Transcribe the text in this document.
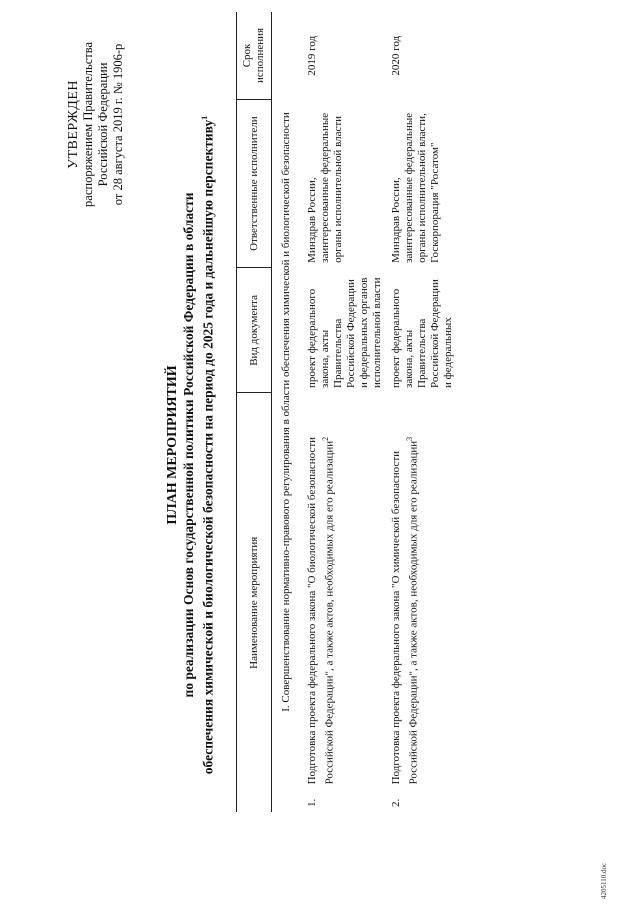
УТВЕРЖДЕН распоряжением Правительства Российской Федерации от 28 августа 2019 г. № 1906-р
ПЛАН МЕРОПРИЯТИЙ по реализации Основ государственной политики Российской Федерации в области обеспечения химической и биологической безопасности на период до 2025 года и дальнейшую перспективу$^1$
Наименование мероприятия		Вид документа	Ответственные исполнители	Срок исполнения
I. Совершенствование нормативно-правового регулирования в области обеспечения химической и биологической безопасности				
1.	Подготовка проекта федерального закона "О биологической безопасности Российской Федерации", а также актов, необходимых для его реализации$^2$	проект федерального закона, акты Правительства Российской Федерации и федеральных органов исполнительной власти	Минздрав России, заинтересованные федеральные органы исполнительной власти	2019 год
2.	Подготовка проекта федерального закона "О химической безопасности Российской Федерации", а также актов, необходимых для его реализации$^3$	проект федерального закона, акты Правительства Российской Федерации и федеральных	Минздрав России, заинтересованные федеральные органы исполнительной власти, Госкорпорация "Росатом"	2020 год
4205110.doc
